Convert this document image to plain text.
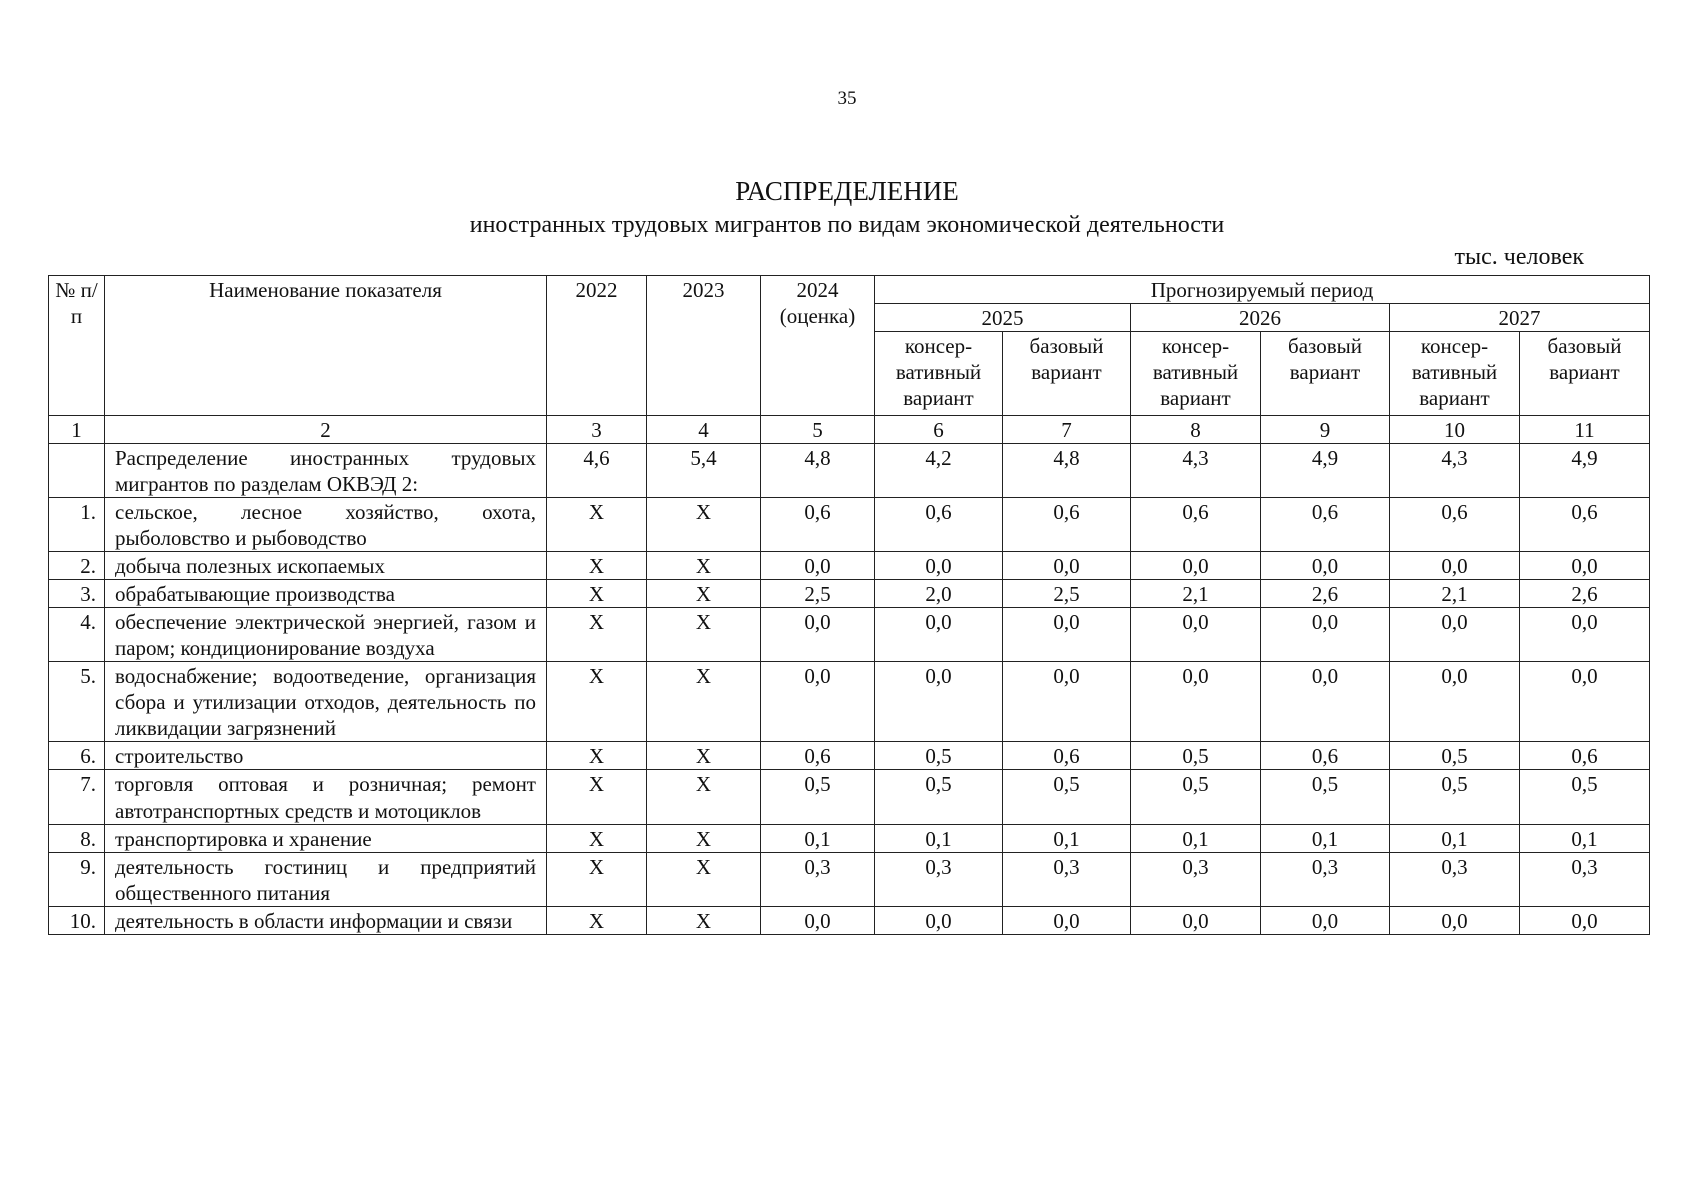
35
РАСПРЕДЕЛЕНИЕ
иностранных трудовых мигрантов по видам экономической деятельности
тыс. человек
№ п/п	Наименование показателя	2022	2023	2024 (оценка)	Прогнозируемый период					
					2025		2026		2027	
					консер-вативный вариант	базовый вариант	консер-вативный вариант	базовый вариант	консер-вативный вариант	базовый вариант
1	2	3	4	5	6	7	8	9	10	11
	Распределение иностранных трудовых мигрантов по разделам ОКВЭД 2:	4,6	5,4	4,8	4,2	4,8	4,3	4,9	4,3	4,9
1.	сельское, лесное хозяйство, охота, рыболовство и рыбоводство	X	X	0,6	0,6	0,6	0,6	0,6	0,6	0,6
2.	добыча полезных ископаемых	X	X	0,0	0,0	0,0	0,0	0,0	0,0	0,0
3.	обрабатывающие производства	X	X	2,5	2,0	2,5	2,1	2,6	2,1	2,6
4.	обеспечение электрической энергией, газом и паром; кондиционирование воздуха	X	X	0,0	0,0	0,0	0,0	0,0	0,0	0,0
5.	водоснабжение; водоотведение, организация сбора и утилизации отходов, деятельность по ликвидации загрязнений	X	X	0,0	0,0	0,0	0,0	0,0	0,0	0,0
6.	строительство	X	X	0,6	0,5	0,6	0,5	0,6	0,5	0,6
7.	торговля оптовая и розничная; ремонт автотранспортных средств и мотоциклов	X	X	0,5	0,5	0,5	0,5	0,5	0,5	0,5
8.	транспортировка и хранение	X	X	0,1	0,1	0,1	0,1	0,1	0,1	0,1
9.	деятельность гостиниц и предприятий общественного питания	X	X	0,3	0,3	0,3	0,3	0,3	0,3	0,3
10.	деятельность в области информации и связи	X	X	0,0	0,0	0,0	0,0	0,0	0,0	0,0
